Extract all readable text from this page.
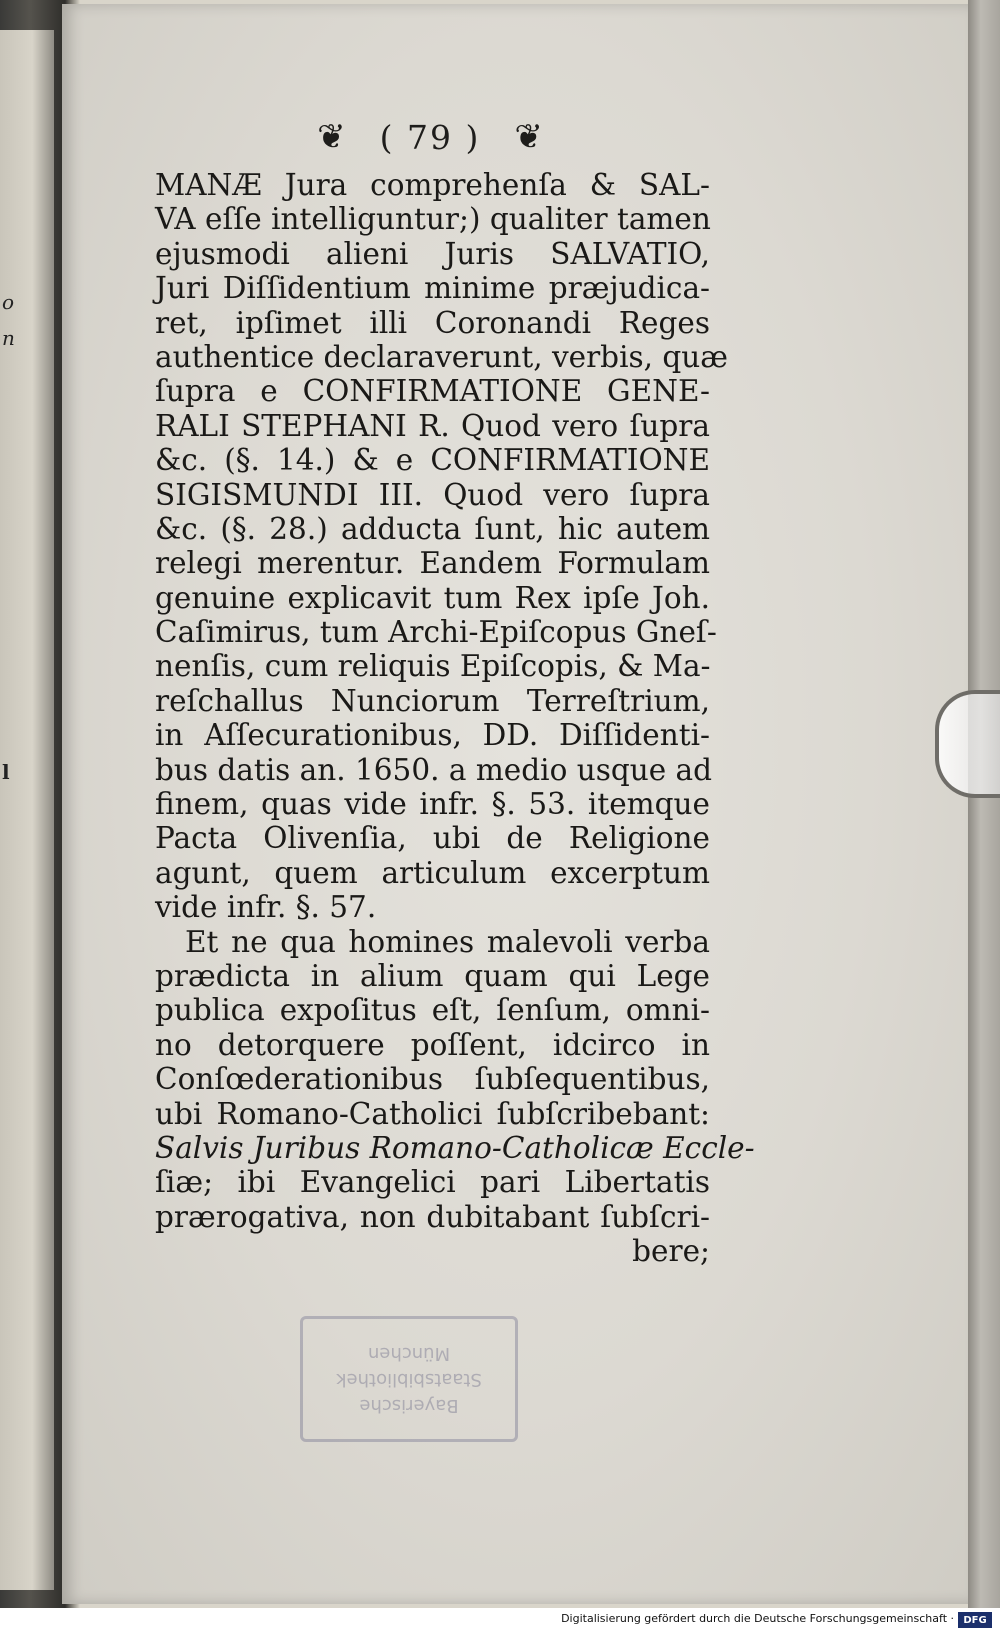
o
n
l
❦ ( 79 ) ❦
MANÆ Jura comprehenſa & SAL-
VA eſſe intelliguntur;) qualiter tamen
ejusmodi alieni Juris SALVATIO,
Juri Diſſidentium minime præjudica-
ret, ipſimet illi Coronandi Reges
authentice declaraverunt, verbis, quæ
ſupra e CONFIRMATIONE GENE-
RALI STEPHANI R. Quod vero ſupra
&c. (§. 14.) & e CONFIRMATIONE
SIGISMUNDI III. Quod vero ſupra
&c. (§. 28.) adducta ſunt, hic autem
relegi merentur. Eandem Formulam
genuine explicavit tum Rex ipſe Joh.
Caſimirus, tum Archi-Epiſcopus Gneſ-
nenſis, cum reliquis Epiſcopis, & Ma-
reſchallus Nunciorum Terreſtrium,
in Aſſecurationibus, DD. Diſſidenti-
bus datis an. 1650. a medio usque ad
finem, quas vide infr. §. 53. itemque
Pacta Olivenſia, ubi de Religione
agunt, quem articulum excerptum
vide infr. §. 57.
Et ne qua homines malevoli verba
prædicta in alium quam qui Lege
publica expoſitus eſt, ſenſum, omni-
no detorquere poſſent, idcirco in
Conſœderationibus ſubſequentibus,
ubi Romano-Catholici ſubſcribebant:
Salvis Juribus Romano-Catholicæ Eccle-
ſiæ; ibi Evangelici pari Libertatis
prærogativa, non dubitabant ſubſcri-
bere;
Bayerische
Staatsbibliothek
München
Digitalisierung gefördert durch die Deutsche Forschungsgemeinschaft · DFG
